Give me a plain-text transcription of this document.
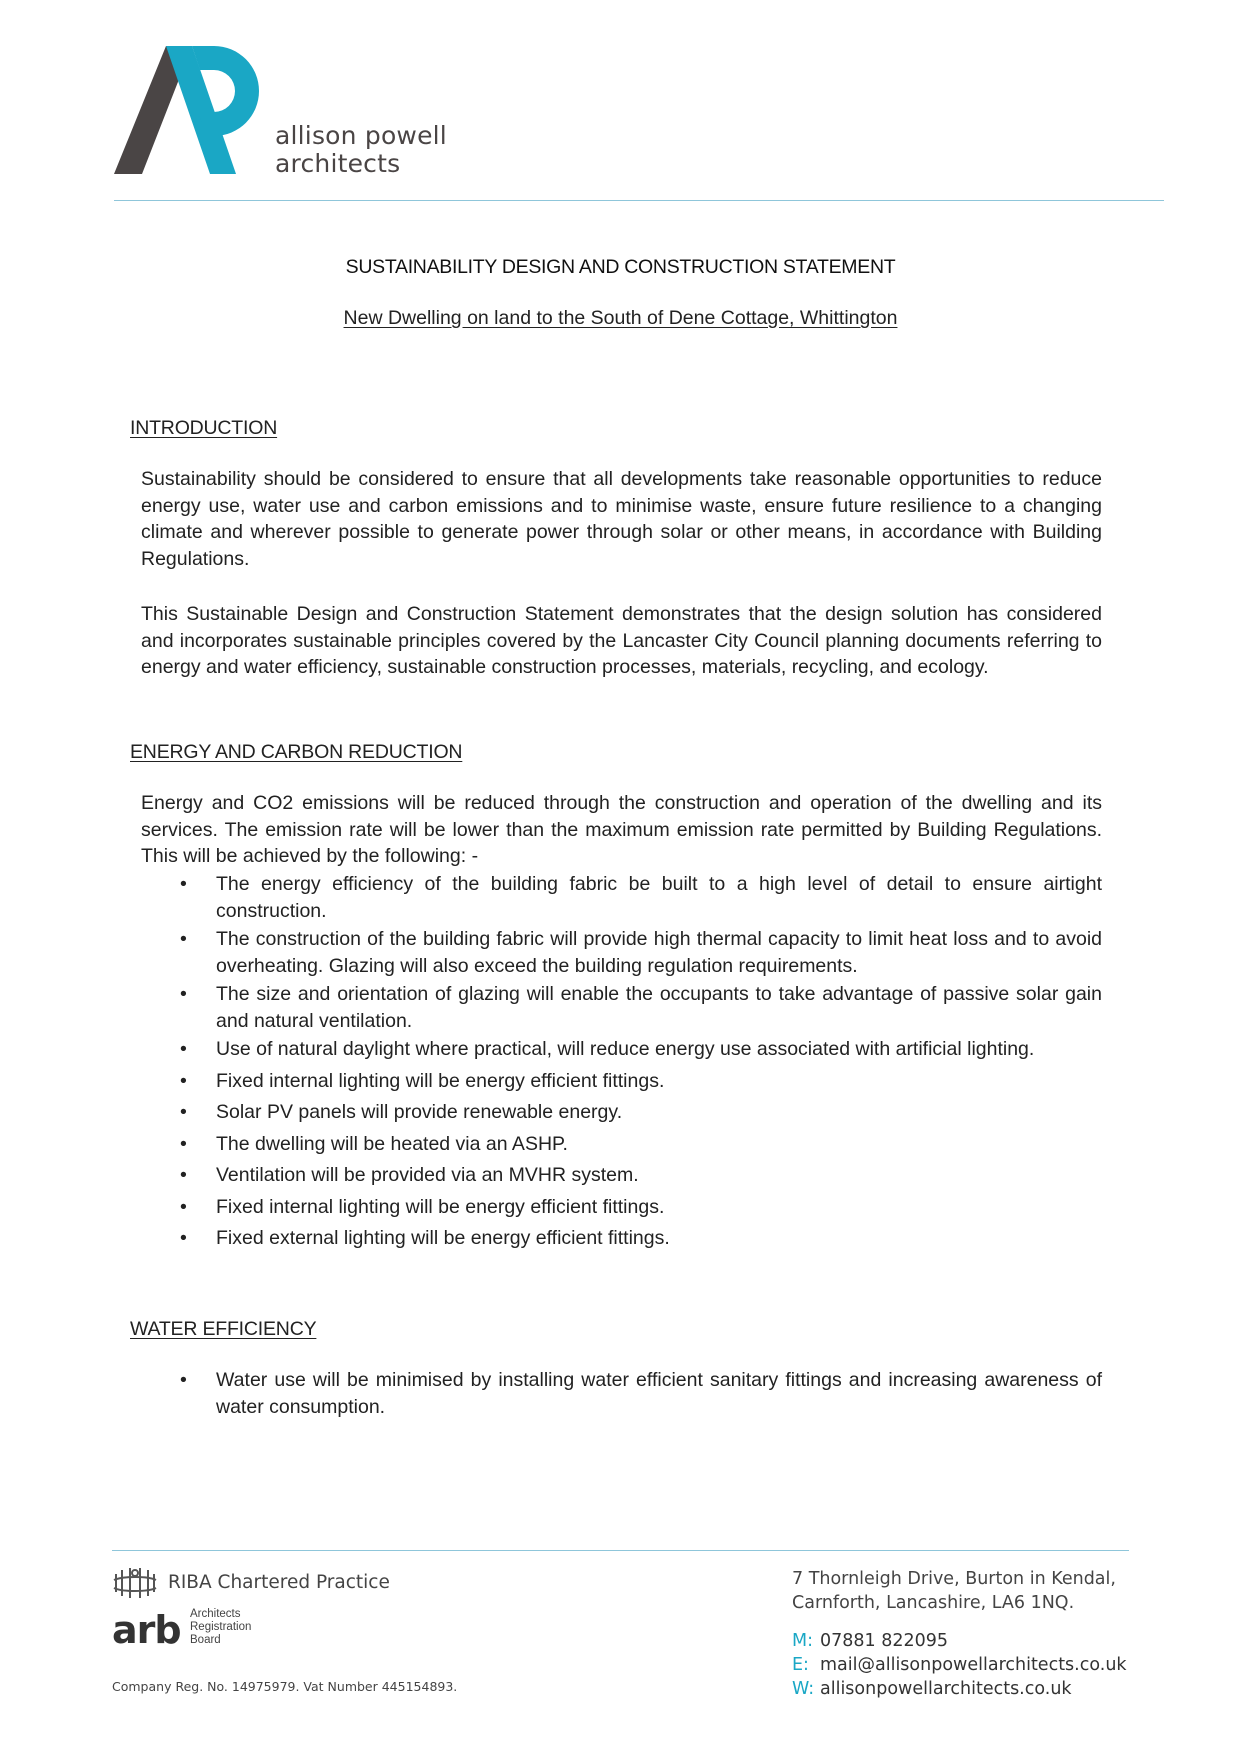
allison powell
architects
SUSTAINABILITY DESIGN AND CONSTRUCTION STATEMENT
New Dwelling on land to the South of Dene Cottage, Whittington
INTRODUCTION
Sustainability should be considered to ensure that all developments take reasonable opportunities to reduce energy use, water use and carbon emissions and to minimise waste, ensure future resilience to a changing climate and wherever possible to generate power through solar or other means, in accordance with Building Regulations.
This Sustainable Design and Construction Statement demonstrates that the design solution has considered and incorporates sustainable principles covered by the Lancaster City Council planning documents referring to energy and water efficiency, sustainable construction processes, materials, recycling, and ecology.
ENERGY AND CARBON REDUCTION
Energy and CO2 emissions will be reduced through the construction and operation of the dwelling and its services. The emission rate will be lower than the maximum emission rate permitted by Building Regulations. This will be achieved by the following: -
• The energy efficiency of the building fabric be built to a high level of detail to ensure airtight construction.
• The construction of the building fabric will provide high thermal capacity to limit heat loss and to avoid overheating. Glazing will also exceed the building regulation requirements.
• The size and orientation of glazing will enable the occupants to take advantage of passive solar gain and natural ventilation.
• Use of natural daylight where practical, will reduce energy use associated with artificial lighting.
• Fixed internal lighting will be energy efficient fittings.
• Solar PV panels will provide renewable energy.
• The dwelling will be heated via an ASHP.
• Ventilation will be provided via an MVHR system.
• Fixed internal lighting will be energy efficient fittings.
• Fixed external lighting will be energy efficient fittings.
WATER EFFICIENCY
• Water use will be minimised by installing water efficient sanitary fittings and increasing awareness of water consumption.
RIBA Chartered Practice
arb Architects
Registration
Board
Company Reg. No. 14975979. Vat Number 445154893.
7 Thornleigh Drive, Burton in Kendal,
Carnforth, Lancashire, LA6 1NQ.
M: 07881 822095
E: mail@allisonpowellarchitects.co.uk
W: allisonpowellarchitects.co.uk
